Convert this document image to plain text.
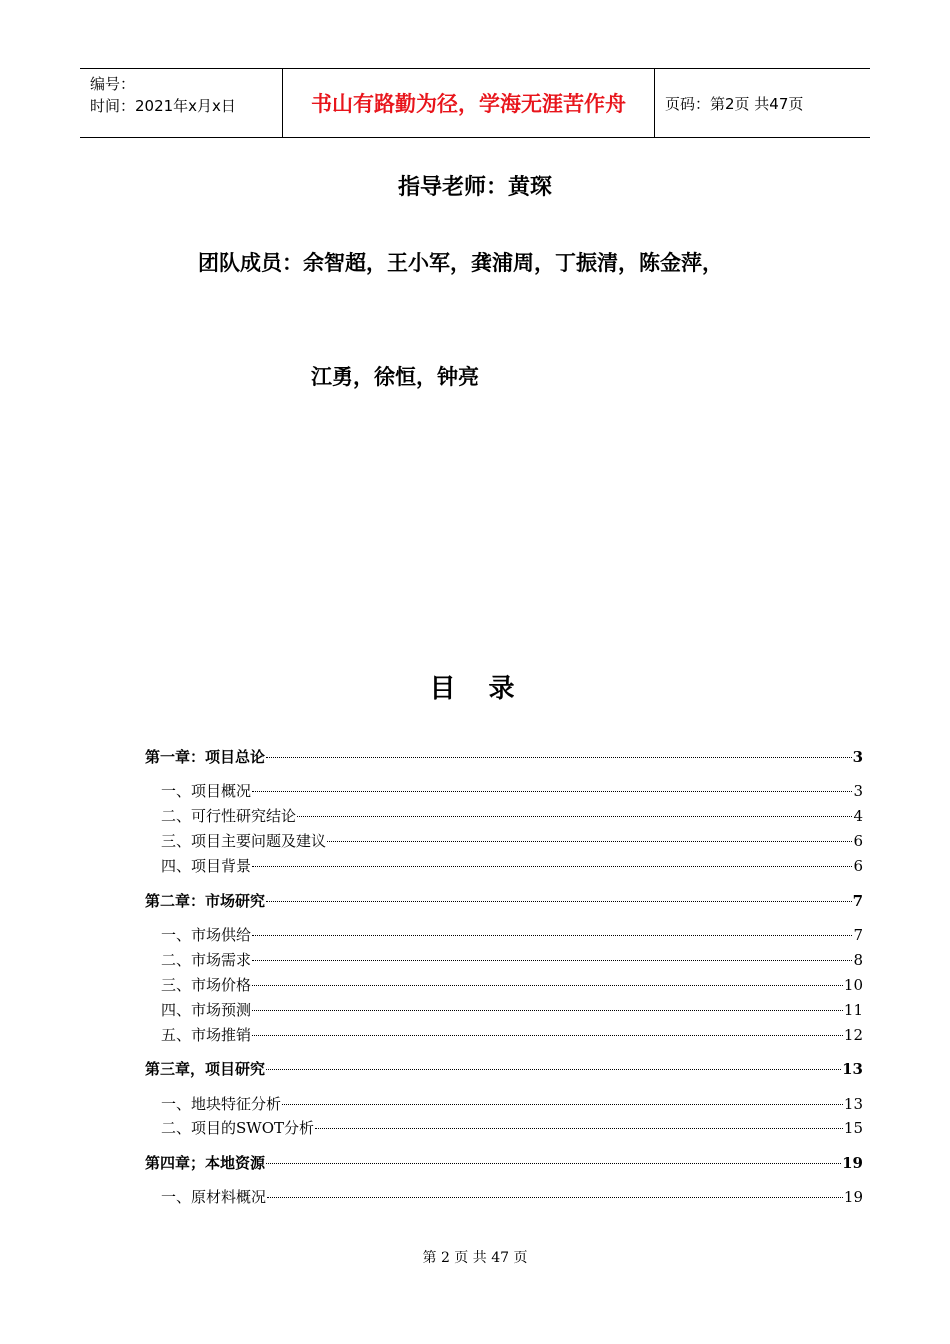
编号：
时间：2021年x月x日	书山有路勤为径，学海无涯苦作舟	页码：第2页 共47页
指导老师：黄琛
团队成员：余智超，王小军，龚浦周，丁振清，陈金萍，
江勇，徐恒，钟亮
目 录
第一章：项目总论	3
一、项目概况	3
二、可行性研究结论	4
三、项目主要问题及建议	6
四、项目背景	6
第二章：市场研究	7
一、市场供给	7
二、市场需求	8
三、市场价格	10
四、市场预测	11
五、市场推销	12
第三章，项目研究	13
一、地块特征分析	13
二、项目的SWOT分析	15
第四章；本地资源	19
一、原材料概况	19
第 2 页 共 47 页
